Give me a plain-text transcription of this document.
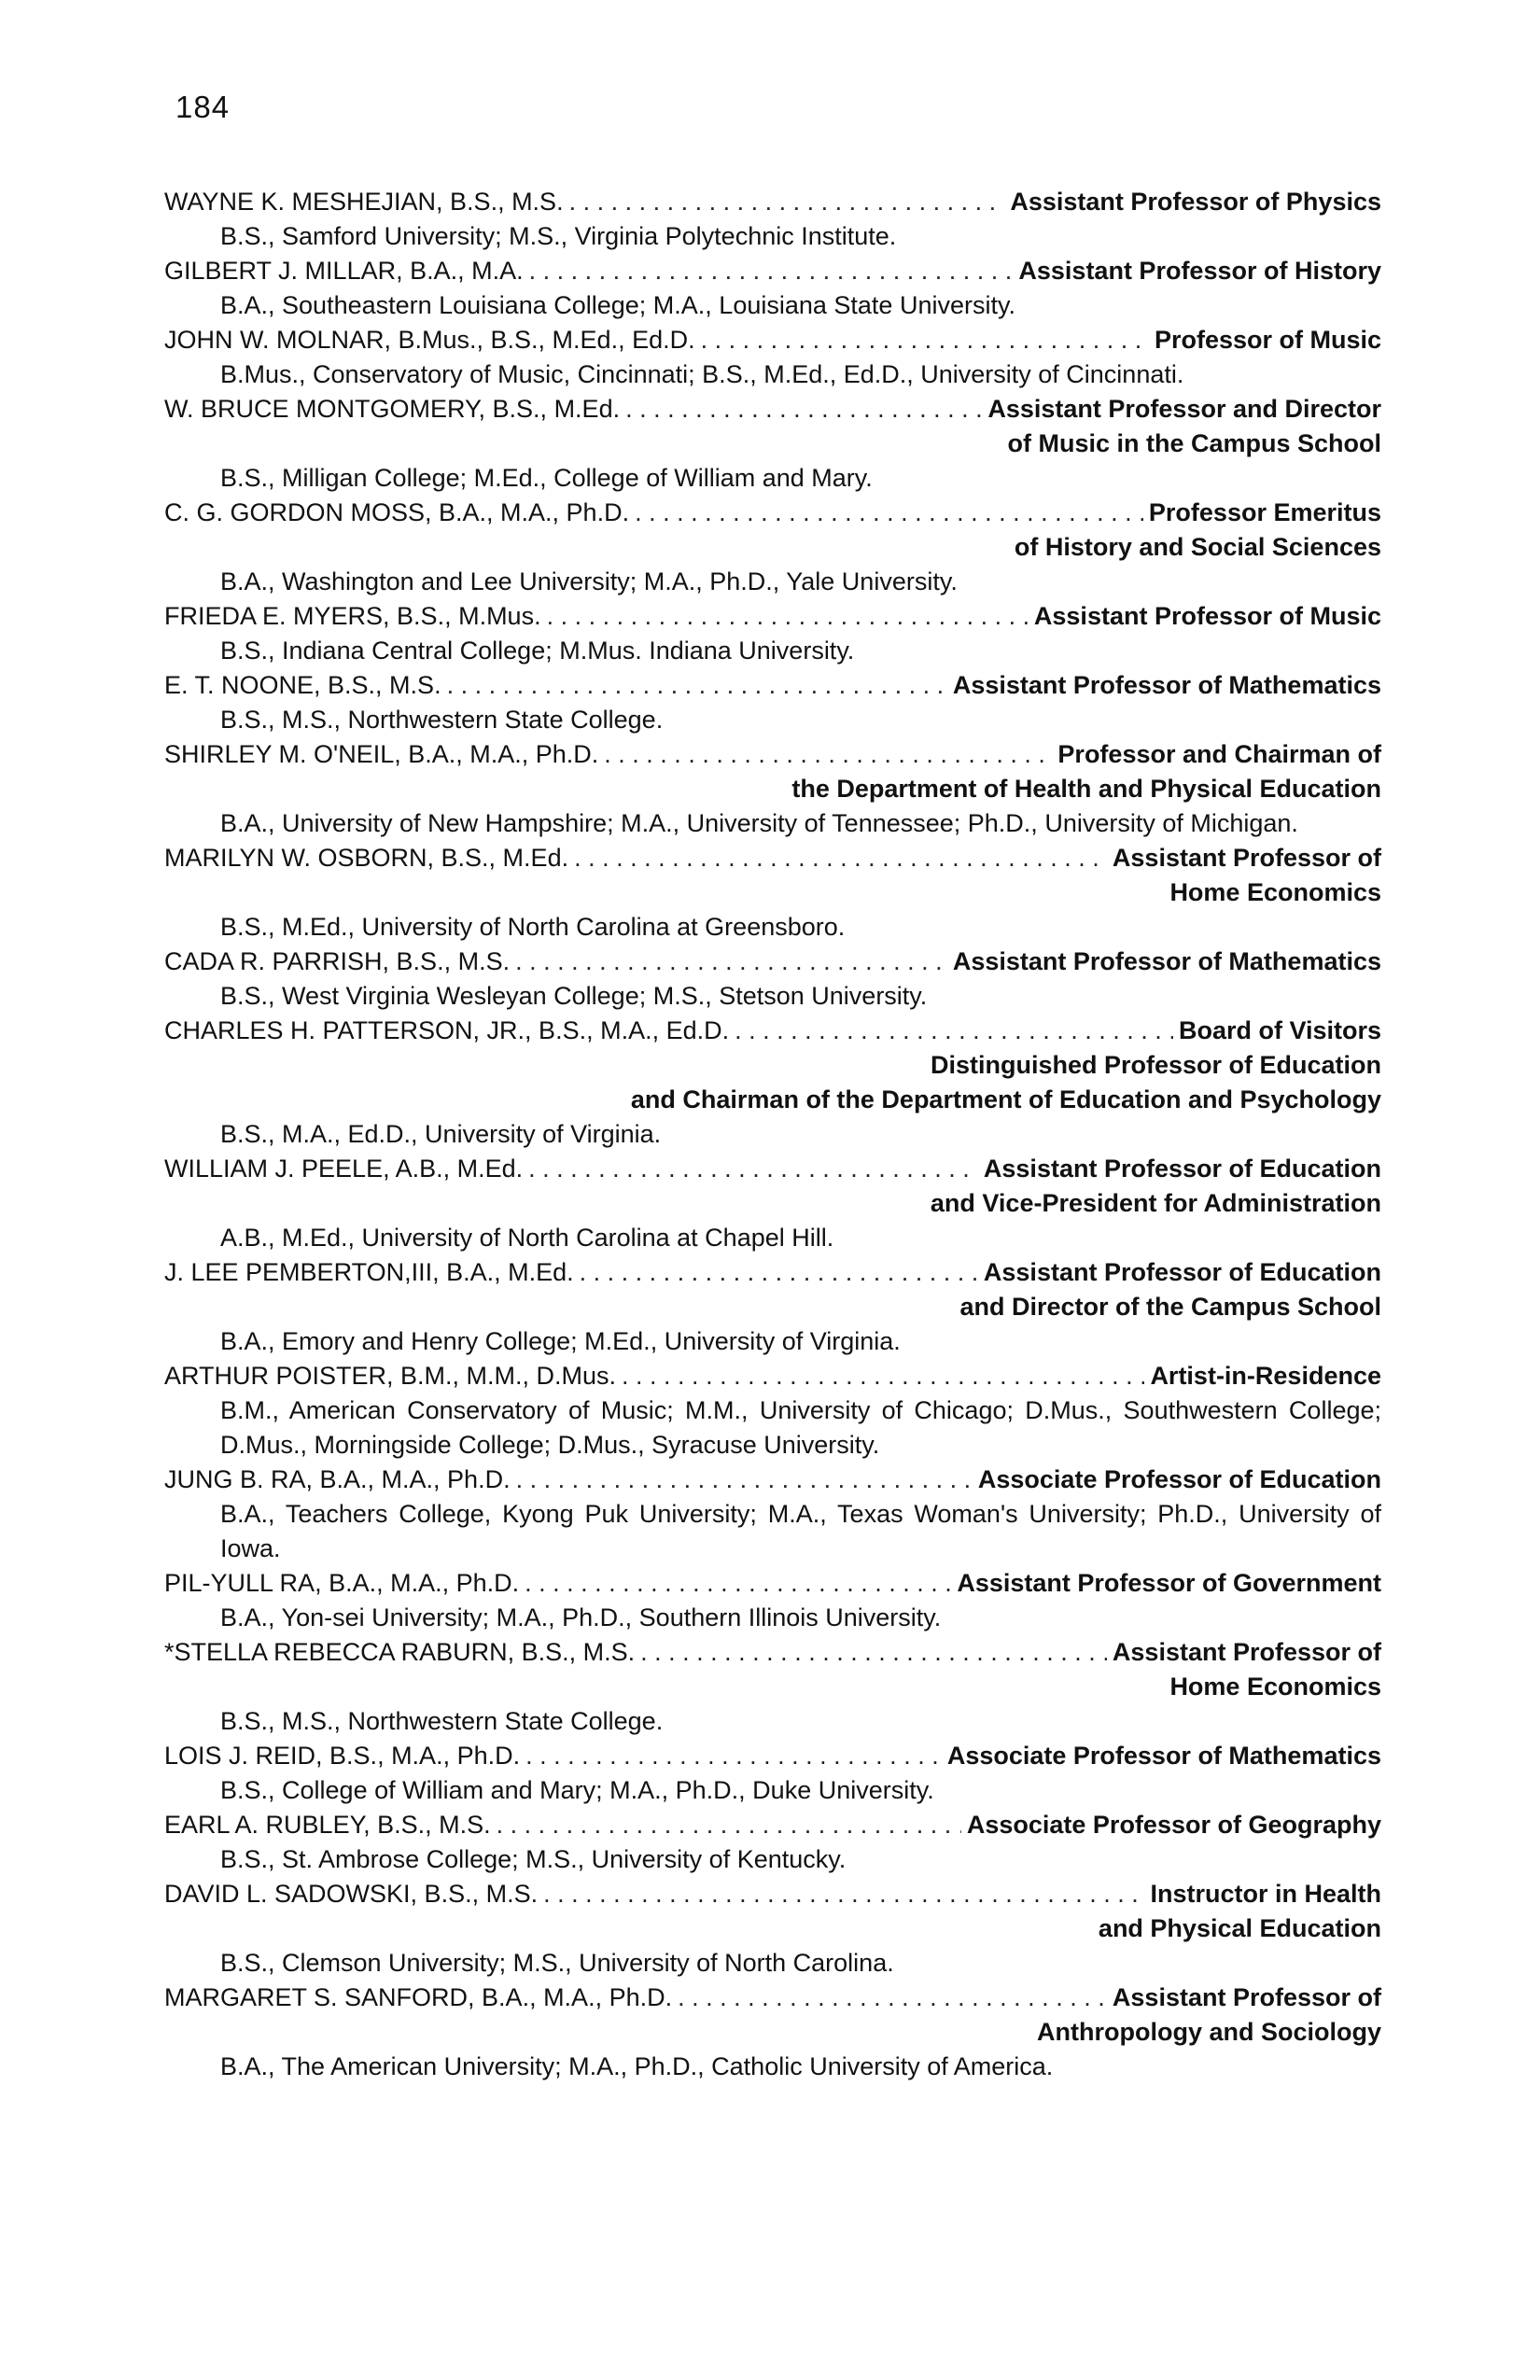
184
WAYNE K. MESHEJIAN, B.S., M.S. . . .	Assistant Professor of Physics
B.S., Samford University; M.S., Virginia Polytechnic Institute.
GILBERT J. MILLAR, B.A., M.A. . . .	Assistant Professor of History
B.A., Southeastern Louisiana College; M.A., Louisiana State University.
JOHN W. MOLNAR, B.Mus., B.S., M.Ed., Ed.D. . . .	Professor of Music
B.Mus., Conservatory of Music, Cincinnati; B.S., M.Ed., Ed.D., University of Cincinnati.
W. BRUCE MONTGOMERY, B.S., M.Ed. . . .	Assistant Professor and Director
of Music in the Campus School
B.S., Milligan College; M.Ed., College of William and Mary.
C. G. GORDON MOSS, B.A., M.A., Ph.D. . . .	Professor Emeritus
of History and Social Sciences
B.A., Washington and Lee University; M.A., Ph.D., Yale University.
FRIEDA E. MYERS, B.S., M.Mus. . . .	Assistant Professor of Music
B.S., Indiana Central College; M.Mus. Indiana University.
E. T. NOONE, B.S., M.S. . . .	Assistant Professor of Mathematics
B.S., M.S., Northwestern State College.
SHIRLEY M. O'NEIL, B.A., M.A., Ph.D. . . .	Professor and Chairman of
the Department of Health and Physical Education
B.A., University of New Hampshire; M.A., University of Tennessee; Ph.D., University of Michigan.
MARILYN W. OSBORN, B.S., M.Ed. . . .	Assistant Professor of
Home Economics
B.S., M.Ed., University of North Carolina at Greensboro.
CADA R. PARRISH, B.S., M.S. . . .	Assistant Professor of Mathematics
B.S., West Virginia Wesleyan College; M.S., Stetson University.
CHARLES H. PATTERSON, JR., B.S., M.A., Ed.D. . . .	Board of Visitors
Distinguished Professor of Education
and Chairman of the Department of Education and Psychology
B.S., M.A., Ed.D., University of Virginia.
WILLIAM J. PEELE, A.B., M.Ed. . . .	Assistant Professor of Education
and Vice-President for Administration
A.B., M.Ed., University of North Carolina at Chapel Hill.
J. LEE PEMBERTON,III, B.A., M.Ed. . . .	Assistant Professor of Education
and Director of the Campus School
B.A., Emory and Henry College; M.Ed., University of Virginia.
ARTHUR POISTER, B.M., M.M., D.Mus. . . .	Artist-in-Residence
B.M., American Conservatory of Music; M.M., University of Chicago; D.Mus., Southwestern College; D.Mus., Morningside College; D.Mus., Syracuse University.
JUNG B. RA, B.A., M.A., Ph.D. . . .	Associate Professor of Education
B.A., Teachers College, Kyong Puk University; M.A., Texas Woman's University; Ph.D., University of Iowa.
PIL-YULL RA, B.A., M.A., Ph.D. . . .	Assistant Professor of Government
B.A., Yon-sei University; M.A., Ph.D., Southern Illinois University.
*STELLA REBECCA RABURN, B.S., M.S. . . .	Assistant Professor of
Home Economics
B.S., M.S., Northwestern State College.
LOIS J. REID, B.S., M.A., Ph.D. . . .	Associate Professor of Mathematics
B.S., College of William and Mary; M.A., Ph.D., Duke University.
EARL A. RUBLEY, B.S., M.S. . . .	Associate Professor of Geography
B.S., St. Ambrose College; M.S., University of Kentucky.
DAVID L. SADOWSKI, B.S., M.S. . . .	Instructor in Health
and Physical Education
B.S., Clemson University; M.S., University of North Carolina.
MARGARET S. SANFORD, B.A., M.A., Ph.D. . . .	Assistant Professor of
Anthropology and Sociology
B.A., The American University; M.A., Ph.D., Catholic University of America.
